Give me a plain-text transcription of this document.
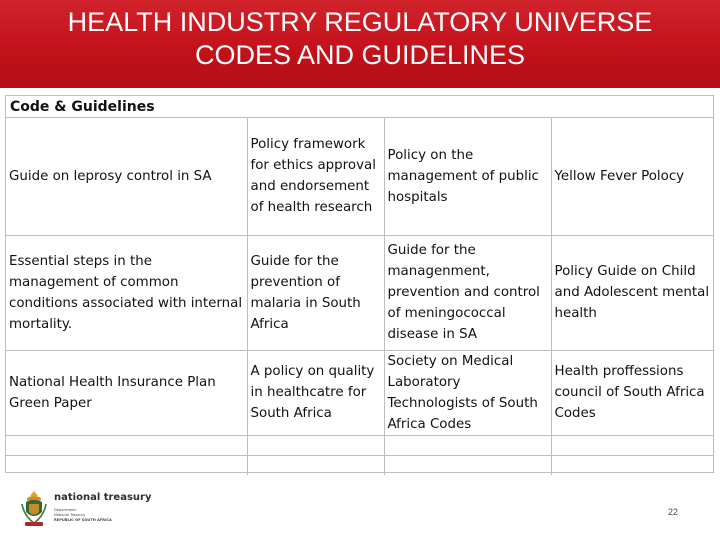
HEALTH INDUSTRY REGULATORY UNIVERSE
CODES AND GUIDELINES
Code & Guidelines
Guide on leprosy control in SA	Policy framework for ethics approval and endorsement of health research	Policy on the management of public hospitals	Yellow Fever Polocy
Essential steps in the management of common conditions associated with internal mortality.	Guide for the prevention of malaria in South Africa	Guide for the managenment, prevention and control of meningococcal disease in SA	Policy Guide on Child and Adolescent mental health
National Health Insurance Plan Green Paper	A policy on quality in healthcatre for South Africa	Society on Medical Laboratory Technologists of South Africa Codes	Health proffessions council of South Africa Codes

national treasury
Department:
National Treasury
REPUBLIC OF SOUTH AFRICA
22
